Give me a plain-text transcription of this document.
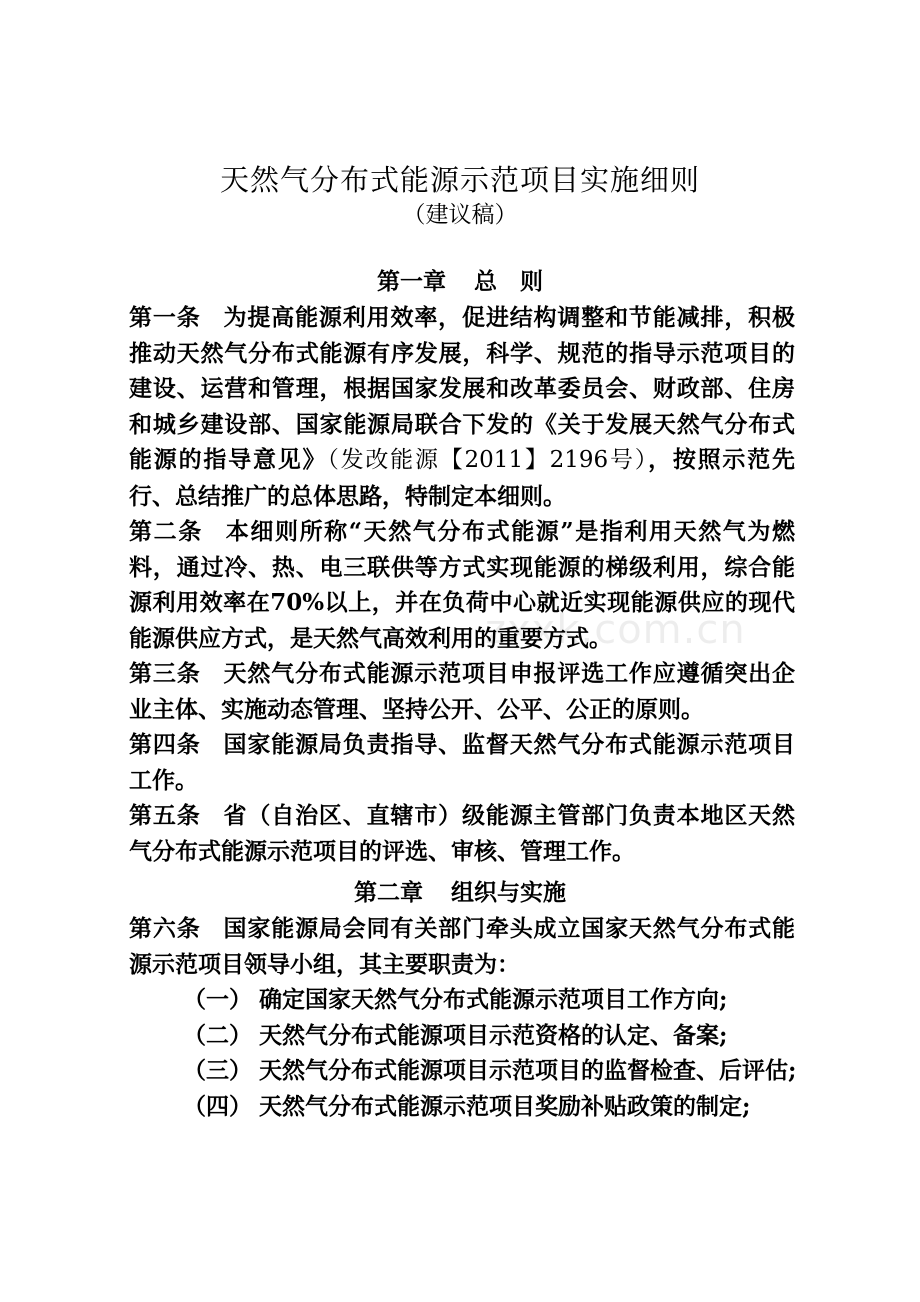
天然气分布式能源示范项目实施细则
（建议稿）
第一章 总　则

第一条 为提高能源利用效率，促进结构调整和节能减排，积极推动天然气分布式能源有序发展，科学、规范的指导示范项目的建设、运营和管理，根据国家发展和改革委员会、财政部、住房和城乡建设部、国家能源局联合下发的《关于发展天然气分布式能源的指导意见》（发改能源【2011】2196号），按照示范先行、总结推广的总体思路，特制定本细则。

第二条 本细则所称“天然气分布式能源”是指利用天然气为燃料，通过冷、热、电三联供等方式实现能源的梯级利用，综合能源利用效率在70%以上，并在负荷中心就近实现能源供应的现代能源供应方式，是天然气高效利用的重要方式。

第三条 天然气分布式能源示范项目申报评选工作应遵循突出企业主体、实施动态管理、坚持公开、公平、公正的原则。

第四条 国家能源局负责指导、监督天然气分布式能源示范项目工作。

第五条 省（自治区、直辖市）级能源主管部门负责本地区天然气分布式能源示范项目的评选、审核、管理工作。

第二章 组织与实施

第六条 国家能源局会同有关部门牵头成立国家天然气分布式能源示范项目领导小组，其主要职责为：

（一） 确定国家天然气分布式能源示范项目工作方向;
（二） 天然气分布式能源项目示范资格的认定、备案;
（三） 天然气分布式能源项目示范项目的监督检查、后评估;
（四） 天然气分布式能源示范项目奖励补贴政策的制定;
zxxk.com.cn
